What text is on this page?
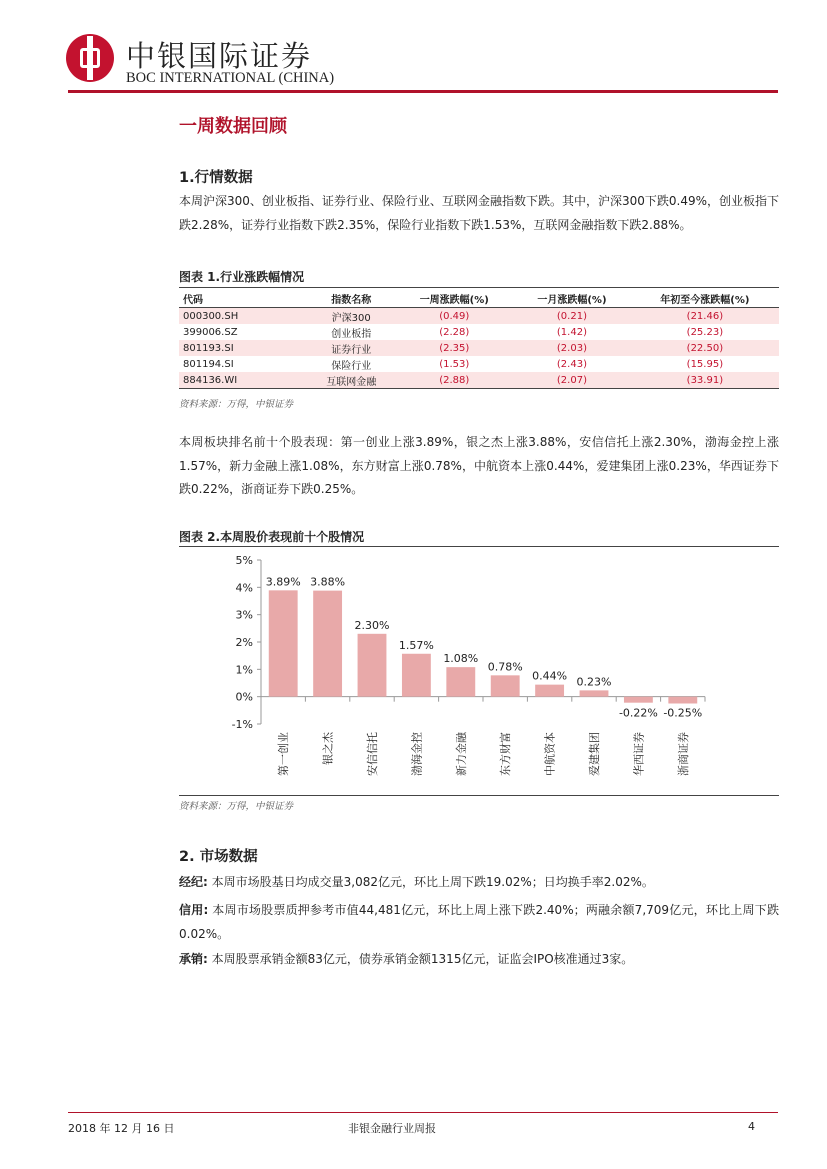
中银国际证券
BOC INTERNATIONAL (CHINA)
一周数据回顾
1.行情数据
本周沪深300、创业板指、证券行业、保险行业、互联网金融指数下跌。其中，沪深300下跌0.49%，创业板指下跌2.28%，证券行业指数下跌2.35%，保险行业指数下跌1.53%，互联网金融指数下跌2.88%。
图表 1.行业涨跌幅情况
代码	指数名称	一周涨跌幅(%)	一月涨跌幅(%)	年初至今涨跌幅(%)
000300.SH	沪深300	(0.49)	(0.21)	(21.46)
399006.SZ	创业板指	(2.28)	(1.42)	(25.23)
801193.SI	证券行业	(2.35)	(2.03)	(22.50)
801194.SI	保险行业	(1.53)	(2.43)	(15.95)
884136.WI	互联网金融	(2.88)	(2.07)	(33.91)
资料来源：万得，中银证券
本周板块排名前十个股表现：第一创业上涨3.89%，银之杰上涨3.88%，安信信托上涨2.30%，渤海金控上涨1.57%，新力金融上涨1.08%，东方财富上涨0.78%，中航资本上涨0.44%，爱建集团上涨0.23%，华西证券下跌0.22%，浙商证券下跌0.25%。
图表 2.本周股价表现前十个股情况
5%
4%
3%
2%
1%
0%
-1%
3.89%
第一创业
3.88%
银之杰
2.30%
安信信托
1.57%
渤海金控
1.08%
新力金融
0.78%
东方财富
0.44%
中航资本
0.23%
爱建集团
-0.22%
华西证券
-0.25%
浙商证券
资料来源：万得，中银证券
2. 市场数据
经纪: 本周市场股基日均成交量3,082亿元，环比上周下跌19.02%；日均换手率2.02%。
信用: 本周市场股票质押参考市值44,481亿元，环比上周上涨下跌2.40%；两融余额7,709亿元，环比上周下跌0.02%。
承销: 本周股票承销金额83亿元，债券承销金额1315亿元，证监会IPO核准通过3家。
2018 年 12 月 16 日	非银金融行业周报	4
